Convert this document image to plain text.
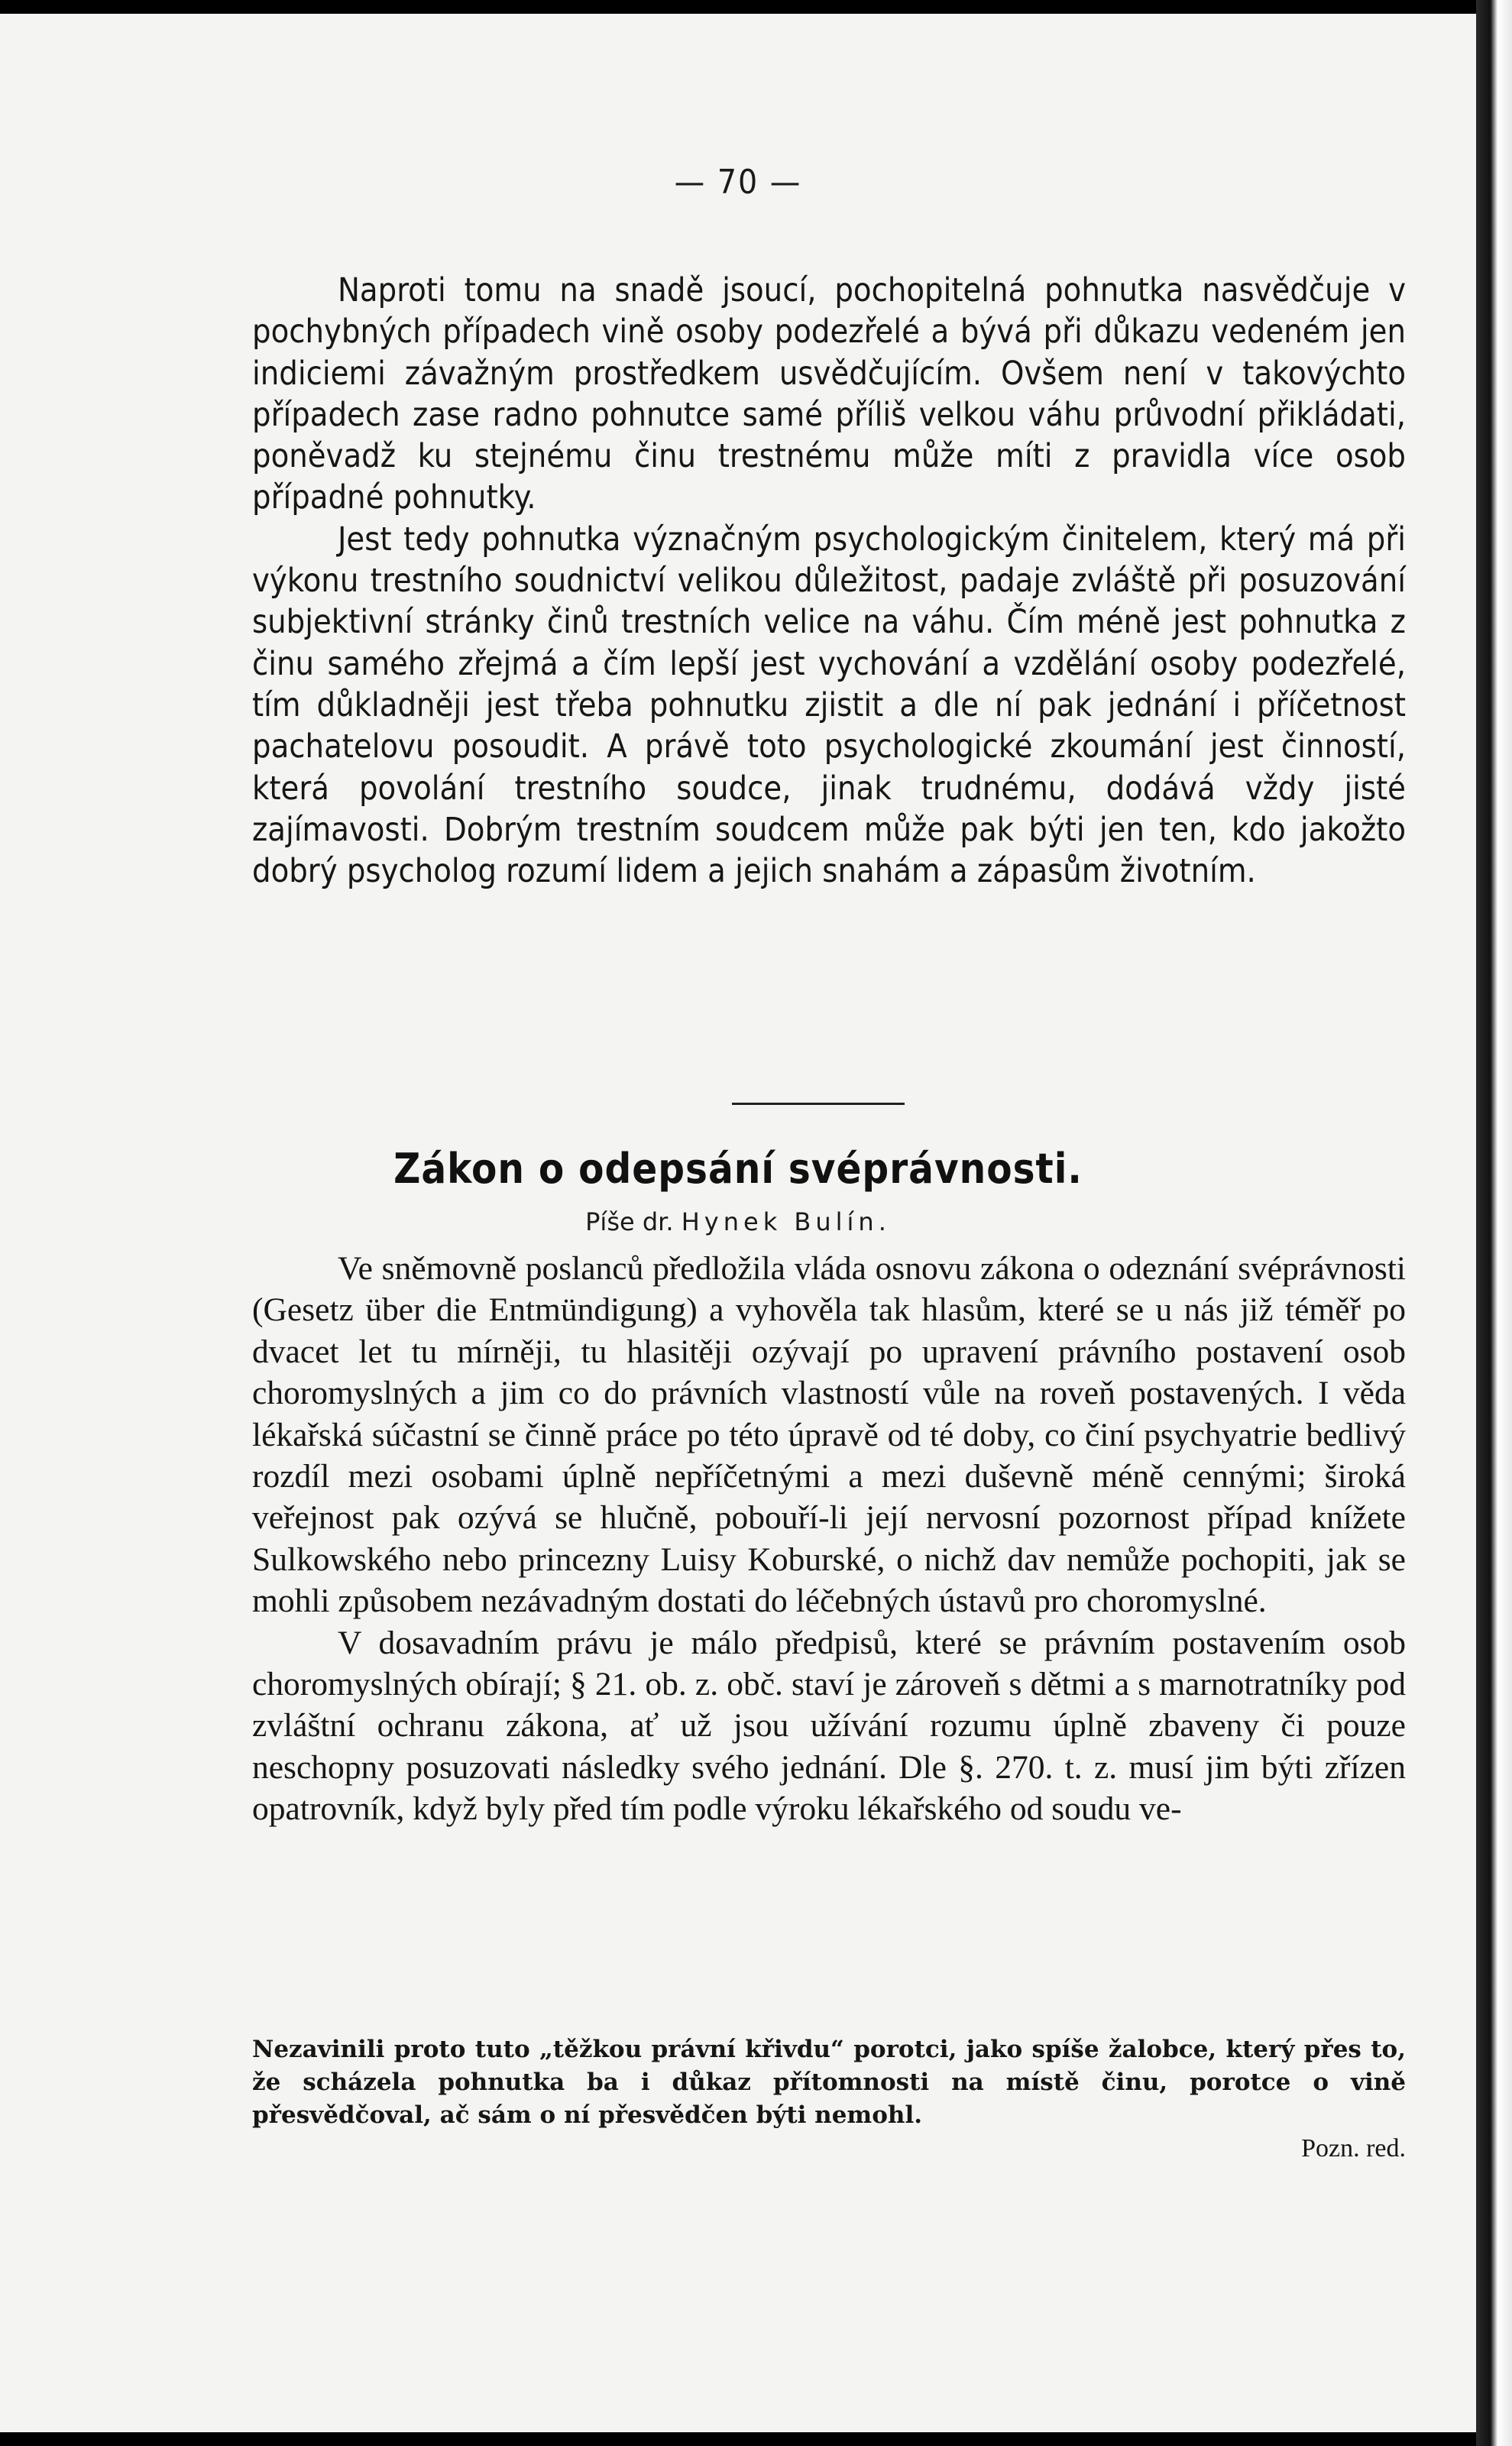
— 70 —

Naproti tomu na snadě jsoucí, pochopitelná pohnutka nasvědčuje v pochybných případech vině osoby podezřelé a bývá při důkazu vedeném jen indiciemi závažným prostředkem usvědčujícím. Ovšem není v takovýchto případech zase radno pohnutce samé příliš velkou váhu průvodní přikládati, poněvadž ku stejnému činu trestnému může míti z pravidla více osob případné pohnutky.

Jest tedy pohnutka význačným psychologickým činitelem, který má při výkonu trestního soudnictví velikou důležitost, padaje zvláště při posuzování subjektivní stránky činů trestních velice na váhu. Čím méně jest pohnutka z činu samého zřejmá a čím lepší jest vychování a vzdělání osoby podezřelé, tím důkladněji jest třeba pohnutku zjistit a dle ní pak jednání i příčetnost pachatelovu posoudit. A právě toto psychologické zkoumání jest činností, která povolání trestního soudce, jinak trudnému, dodává vždy jisté zajímavosti. Dobrým trestním soudcem může pak býti jen ten, kdo jakožto dobrý psycholog rozumí lidem a jejich snahám a zápasům životním.

Zákon o odepsání svéprávnosti.
Píše dr. Hynek Bulín.

Ve sněmovně poslanců předložila vláda osnovu zákona o odeznání svéprávnosti (Gesetz über die Entmündigung) a vyhověla tak hlasům, které se u nás již téměř po dvacet let tu mírněji, tu hlasitěji ozývají po upravení právního postavení osob choromyslných a jim co do právních vlastností vůle na roveň postavených. I věda lékařská súčastní se činně práce po této úpravě od té doby, co činí psychyatrie bedlivý rozdíl mezi osobami úplně nepříčetnými a mezi duševně méně cennými; široká veřejnost pak ozývá se hlučně, pobouří-li její nervosní pozornost případ knížete Sulkowského nebo princezny Luisy Koburské, o nichž dav nemůže pochopiti, jak se mohli způsobem nezávadným dostati do léčebných ústavů pro choromyslné.

V dosavadním právu je málo předpisů, které se právním postavením osob choromyslných obírají; § 21. ob. z. obč. staví je zároveň s dětmi a s marnotratníky pod zvláštní ochranu zákona, ať už jsou užívání rozumu úplně zbaveny či pouze neschopny posuzovati následky svého jednání. Dle §. 270. t. z. musí jim býti zřízen opatrovník, když byly před tím podle výroku lékařského od soudu ve-

Nezavinili proto tuto „těžkou právní křivdu“ porotci, jako spíše žalobce, který přes to, že scházela pohnutka ba i důkaz přítomnosti na místě činu, porotce o vině přesvědčoval, ač sám o ní přesvědčen býti nemohl.
Pozn. red.
